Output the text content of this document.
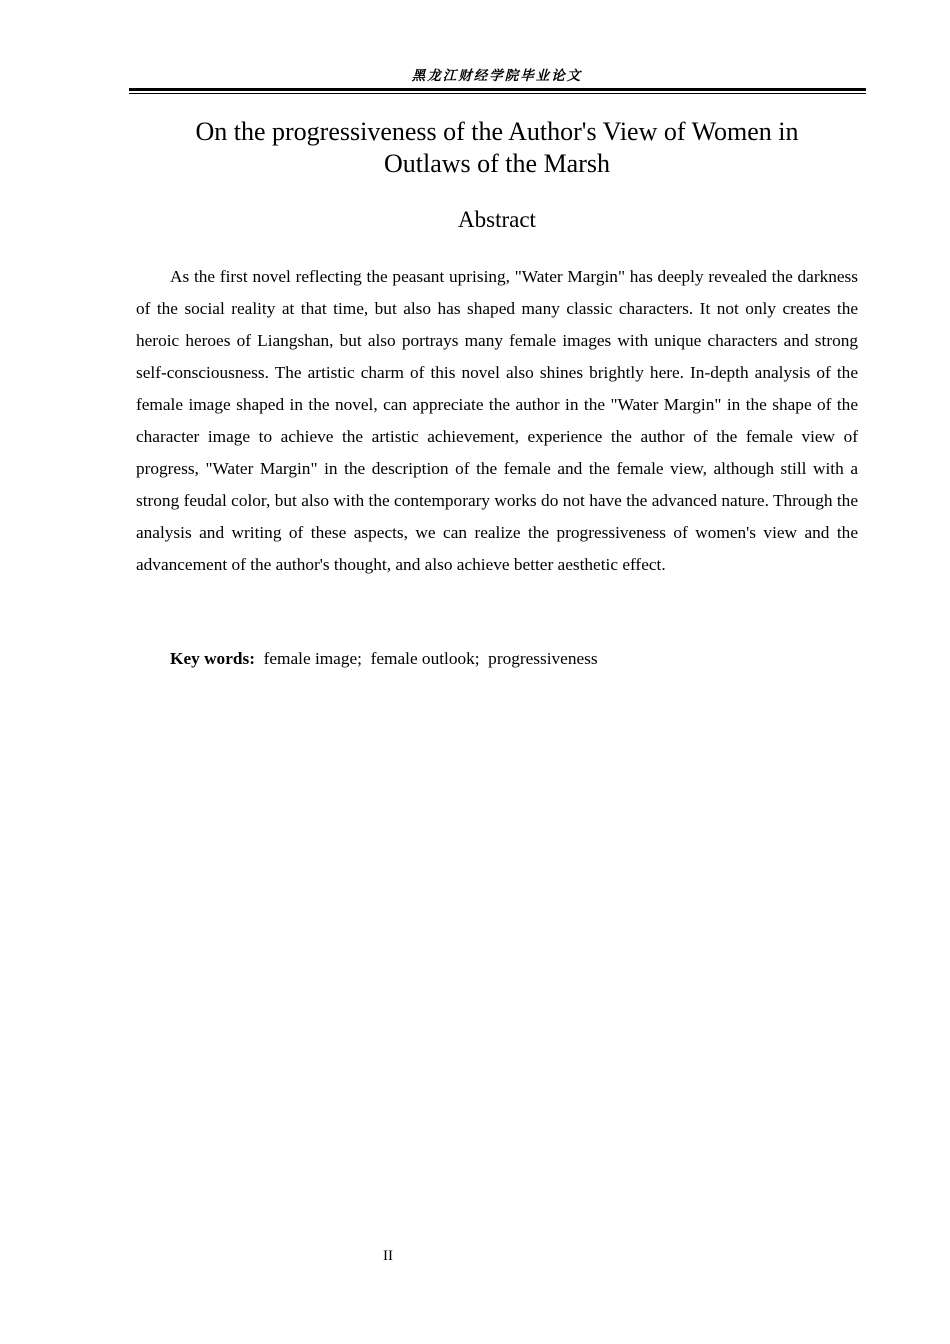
黑龙江财经学院毕业论文
On the progressiveness of the Author's View of Women in
Outlaws of the Marsh
Abstract

As the first novel reflecting the peasant uprising, "Water Margin" has deeply revealed the darkness of the social reality at that time, but also has shaped many classic characters. It not only creates the heroic heroes of Liangshan, but also portrays many female images with unique characters and strong self-consciousness. The artistic charm of this novel also shines brightly here. In-depth analysis of the female image shaped in the novel, can appreciate the author in the "Water Margin" in the shape of the character image to achieve the artistic achievement, experience the author of the female view of progress, "Water Margin" in the description of the female and the female view, although still with a strong feudal color, but also with the contemporary works do not have the advanced nature. Through the analysis and writing of these aspects, we can realize the progressiveness of women's view and the advancement of the author's thought, and also achieve better aesthetic effect.

Key words:  female image;  female outlook;  progressiveness

II
